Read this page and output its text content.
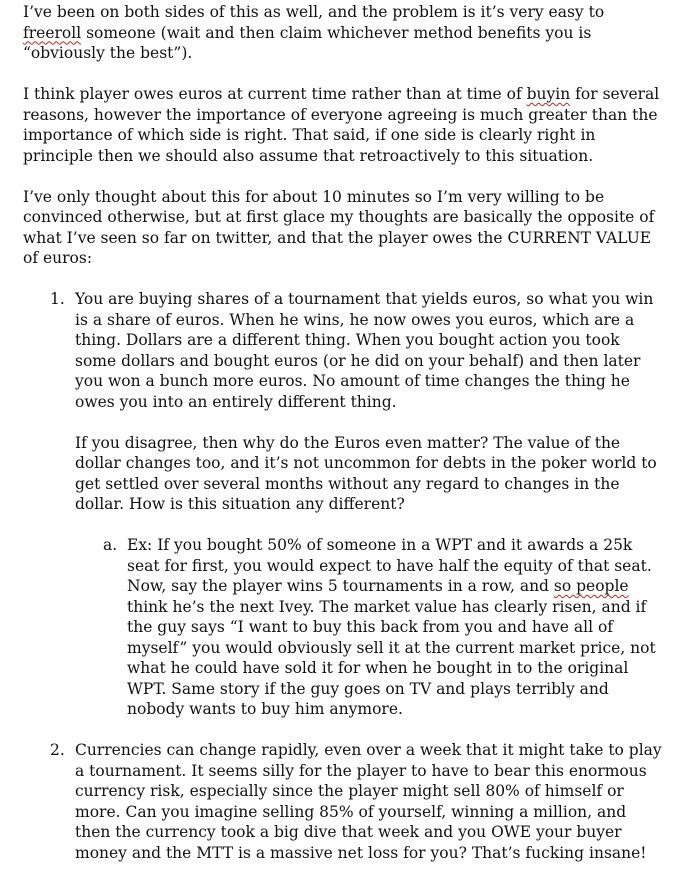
I’ve been on both sides of this as well, and the problem is it’s very easy to freeroll someone (wait and then claim whichever method benefits you is “obviously the best”).

I think player owes euros at current time rather than at time of buyin for several reasons, however the importance of everyone agreeing is much greater than the importance of which side is right. That said, if one side is clearly right in principle then we should also assume that retroactively to this situation.

I’ve only thought about this for about 10 minutes so I’m very willing to be convinced otherwise, but at first glace my thoughts are basically the opposite of what I’ve seen so far on twitter, and that the player owes the CURRENT VALUE of euros:

1. You are buying shares of a tournament that yields euros, so what you win is a share of euros. When he wins, he now owes you euros, which are a thing. Dollars are a different thing. When you bought action you took some dollars and bought euros (or he did on your behalf) and then later you won a bunch more euros. No amount of time changes the thing he owes you into an entirely different thing.

If you disagree, then why do the Euros even matter? The value of the dollar changes too, and it’s not uncommon for debts in the poker world to get settled over several months without any regard to changes in the dollar. How is this situation any different?

a. Ex: If you bought 50% of someone in a WPT and it awards a 25k seat for first, you would expect to have half the equity of that seat. Now, say the player wins 5 tournaments in a row, and so people think he’s the next Ivey. The market value has clearly risen, and if the guy says “I want to buy this back from you and have all of myself” you would obviously sell it at the current market price, not what he could have sold it for when he bought in to the original WPT. Same story if the guy goes on TV and plays terribly and nobody wants to buy him anymore.
2. Currencies can change rapidly, even over a week that it might take to play a tournament. It seems silly for the player to have to bear this enormous currency risk, especially since the player might sell 80% of himself or more. Can you imagine selling 85% of yourself, winning a million, and then the currency took a big dive that week and you OWE your buyer money and the MTT is a massive net loss for you? That’s fucking insane!
